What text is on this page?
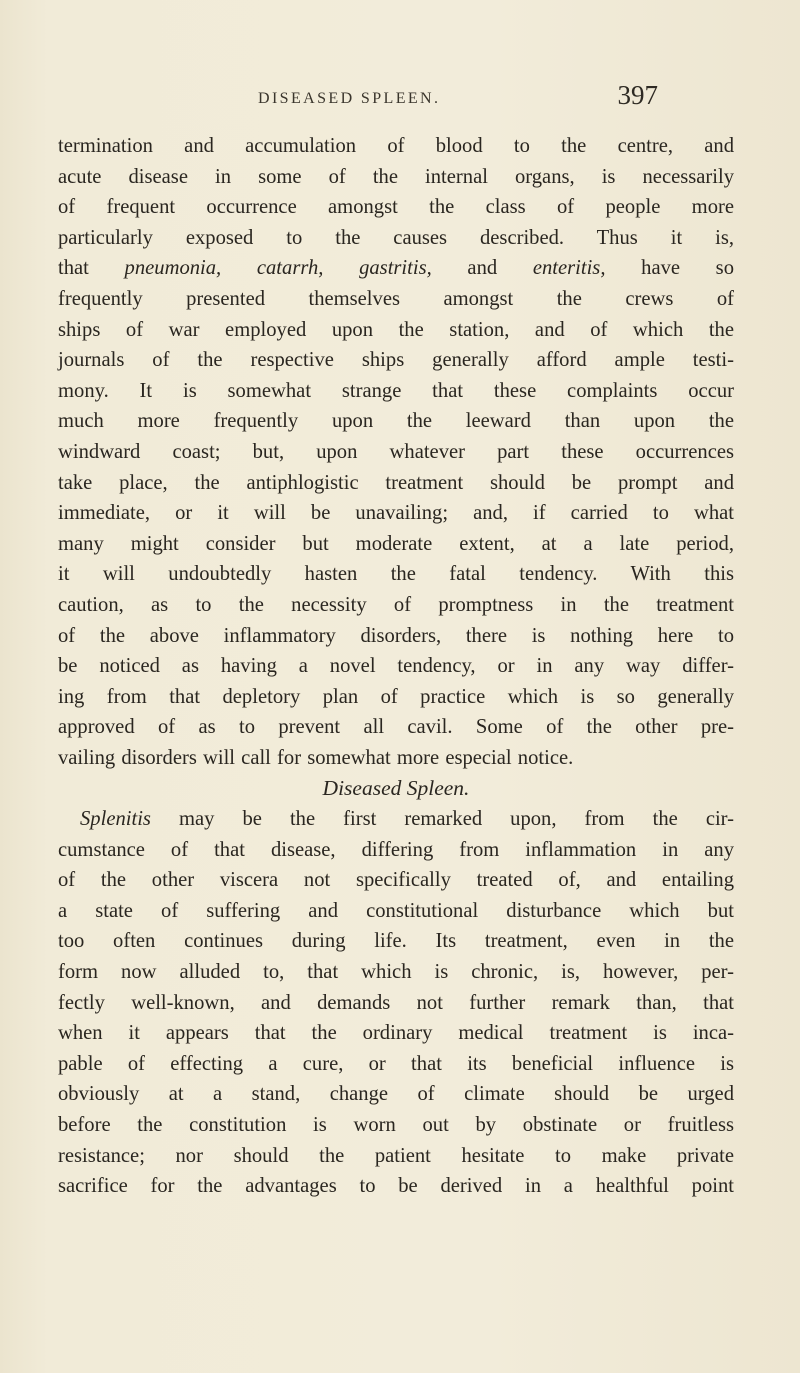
DISEASED SPLEEN.	397
termination and accumulation of blood to the centre, and
acute disease in some of the internal organs, is necessarily
of frequent occurrence amongst the class of people more
particularly exposed to the causes described. Thus it is,
that pneumonia, catarrh, gastritis, and enteritis, have so
frequently presented themselves amongst the crews of
ships of war employed upon the station, and of which the
journals of the respective ships generally afford ample testi-
mony. It is somewhat strange that these complaints occur
much more frequently upon the leeward than upon the
windward coast; but, upon whatever part these occurrences
take place, the antiphlogistic treatment should be prompt and
immediate, or it will be unavailing; and, if carried to what
many might consider but moderate extent, at a late period,
it will undoubtedly hasten the fatal tendency. With this
caution, as to the necessity of promptness in the treatment
of the above inflammatory disorders, there is nothing here to
be noticed as having a novel tendency, or in any way differ-
ing from that depletory plan of practice which is so generally
approved of as to prevent all cavil. Some of the other pre-
vailing disorders will call for somewhat more especial notice.
Diseased Spleen.
Splenitis may be the first remarked upon, from the cir-
cumstance of that disease, differing from inflammation in any
of the other viscera not specifically treated of, and entailing
a state of suffering and constitutional disturbance which but
too often continues during life. Its treatment, even in the
form now alluded to, that which is chronic, is, however, per-
fectly well-known, and demands not further remark than, that
when it appears that the ordinary medical treatment is inca-
pable of effecting a cure, or that its beneficial influence is
obviously at a stand, change of climate should be urged
before the constitution is worn out by obstinate or fruitless
resistance; nor should the patient hesitate to make private
sacrifice for the advantages to be derived in a healthful point
